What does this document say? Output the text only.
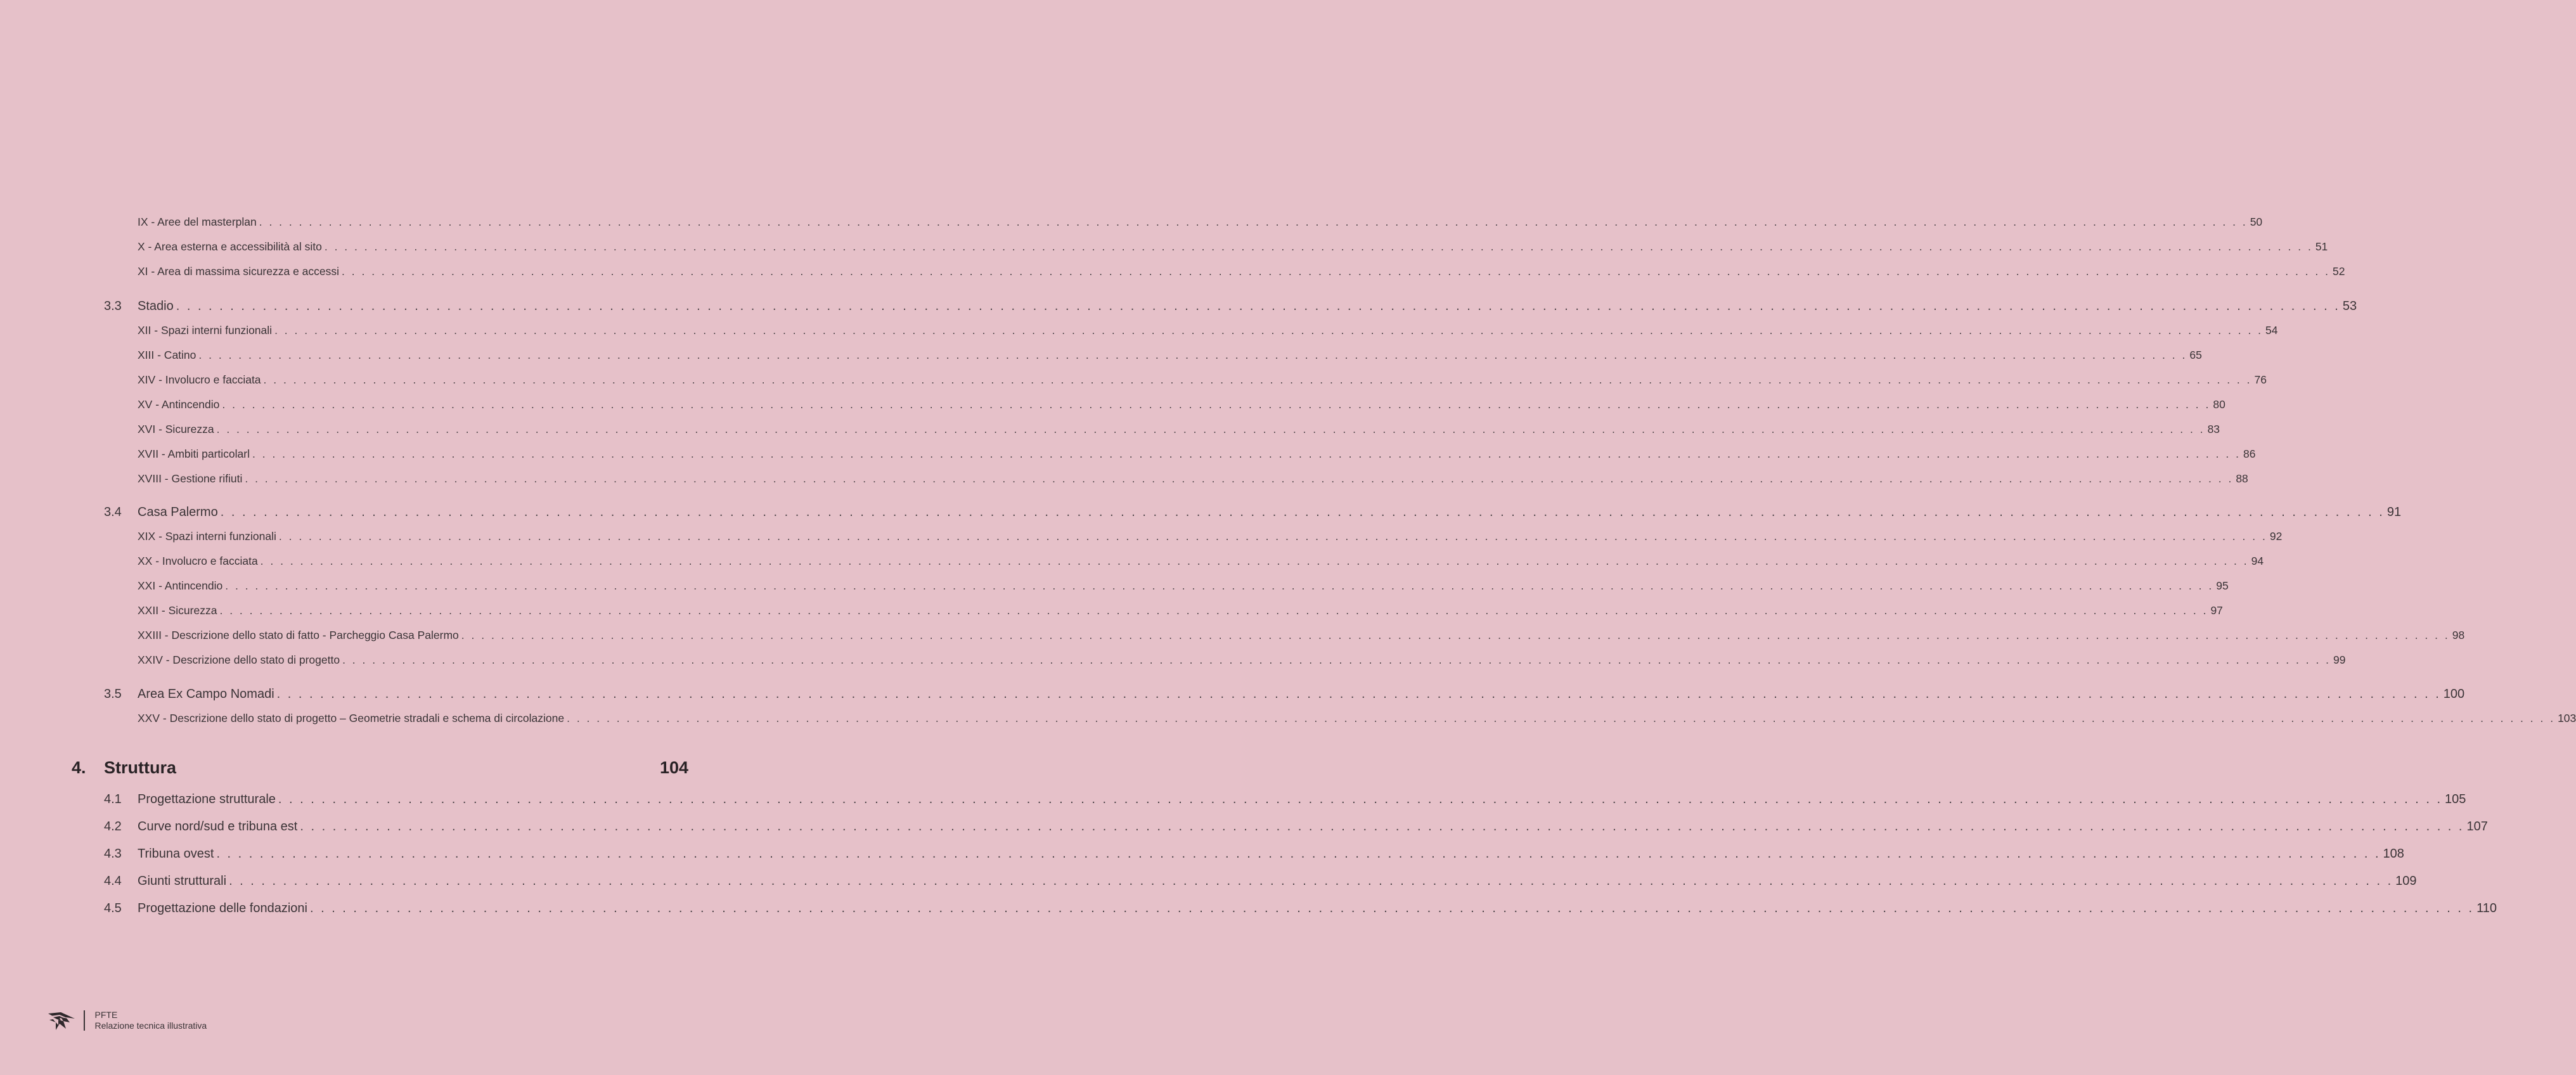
IX - Aree del masterplan . . . . . . . . . . . . . . . . . . . . . . . . . . . . . . . . . . . . . . . . . . . . . . . . . . . . . . . . . . . . . . . . . . . . . . . . . . . . . . . . . . . . . . . . . . . . . . . . . . . . . . . . . . . . . . . . . . . . . . . . . . . . . . . . . . . . . . . . . . . . . . . . . . . . . . . . . . . . . . . . . . . . . . . . . . . . . . . . . . . . . . . . . . . . . . . . . . . . . . . . 50
X - Area esterna e accessibilità al sito . . . . . . . . . . . . . . . . . . . . . . . . . . . . . . . . . . . . . . . . . . . . . . . . . . . . . . . . . . . . . . . . . . . . . . . . . . . . . . . . . . . . . . . . . . . . . . . . . . . . . . . . . . . . . . . . . . . . . . . . . . . . . . . . . . . . . . . . . . . . . . . . . . . . . . . . . . . . . . . . . . . . . . . . . . . . . . . . . . . . . . . . . . . . . . . . . . . . . . . . 51
XI - Area di massima sicurezza e accessi . . . . . . . . . . . . . . . . . . . . . . . . . . . . . . . . . . . . . . . . . . . . . . . . . . . . . . . . . . . . . . . . . . . . . . . . . . . . . . . . . . . . . . . . . . . . . . . . . . . . . . . . . . . . . . . . . . . . . . . . . . . . . . . . . . . . . . . . . . . . . . . . . . . . . . . . . . . . . . . . . . . . . . . . . . . . . . . . . . . . . . . . . . . . . . . . . . . . . . . . 52
3.3 Stadio . . . . . . . . . . . . . . . . . . . . . . . . . . . . . . . . . . . . . . . . . . . . . . . . . . . . . . . . . . . . . . . . . . . . . . . . . . . . . . . . . . . . . . . . . . . . . . . . . . . . . . . . . . . . . . . . . . . . . . . . . . . . . . . . . . . . . . . . . . . . . . . . . . . . . . . . . . . . . . . . . . . . . . . . . . . . . . . . . . . . . . . . . . . . . . . . . . . . . . . . 53
XII - Spazi interni funzionali . . . . . . . . . . . . . . . . . . . . . . . . . . . . . . . . . . . . . . . . . . . . . . . . . . . . . . . . . . . . . . . . . . . . . . . . . . . . . . . . . . . . . . . . . . . . . . . . . . . . . . . . . . . . . . . . . . . . . . . . . . . . . . . . . . . . . . . . . . . . . . . . . . . . . . . . . . . . . . . . . . . . . . . . . . . . . . . . . . . . . . . . . . . . . . . . . . . . . . . . 54
XIII - Catino . . . . . . . . . . . . . . . . . . . . . . . . . . . . . . . . . . . . . . . . . . . . . . . . . . . . . . . . . . . . . . . . . . . . . . . . . . . . . . . . . . . . . . . . . . . . . . . . . . . . . . . . . . . . . . . . . . . . . . . . . . . . . . . . . . . . . . . . . . . . . . . . . . . . . . . . . . . . . . . . . . . . . . . . . . . . . . . . . . . . . . . . . . . . . . . . . . . . . . . . 65
XIV - Involucro e facciata . . . . . . . . . . . . . . . . . . . . . . . . . . . . . . . . . . . . . . . . . . . . . . . . . . . . . . . . . . . . . . . . . . . . . . . . . . . . . . . . . . . . . . . . . . . . . . . . . . . . . . . . . . . . . . . . . . . . . . . . . . . . . . . . . . . . . . . . . . . . . . . . . . . . . . . . . . . . . . . . . . . . . . . . . . . . . . . . . . . . . . . . . . . . . . . . . . . . . . . . 76
XV - Antincendio . . . . . . . . . . . . . . . . . . . . . . . . . . . . . . . . . . . . . . . . . . . . . . . . . . . . . . . . . . . . . . . . . . . . . . . . . . . . . . . . . . . . . . . . . . . . . . . . . . . . . . . . . . . . . . . . . . . . . . . . . . . . . . . . . . . . . . . . . . . . . . . . . . . . . . . . . . . . . . . . . . . . . . . . . . . . . . . . . . . . . . . . . . . . . . . . . . . . . . . . 80
XVI - Sicurezza . . . . . . . . . . . . . . . . . . . . . . . . . . . . . . . . . . . . . . . . . . . . . . . . . . . . . . . . . . . . . . . . . . . . . . . . . . . . . . . . . . . . . . . . . . . . . . . . . . . . . . . . . . . . . . . . . . . . . . . . . . . . . . . . . . . . . . . . . . . . . . . . . . . . . . . . . . . . . . . . . . . . . . . . . . . . . . . . . . . . . . . . . . . . . . . . . . . . . . . . 83
XVII - Ambiti particolarl . . . . . . . . . . . . . . . . . . . . . . . . . . . . . . . . . . . . . . . . . . . . . . . . . . . . . . . . . . . . . . . . . . . . . . . . . . . . . . . . . . . . . . . . . . . . . . . . . . . . . . . . . . . . . . . . . . . . . . . . . . . . . . . . . . . . . . . . . . . . . . . . . . . . . . . . . . . . . . . . . . . . . . . . . . . . . . . . . . . . . . . . . . . . . . . . . . . . . . . . 86
XVIII - Gestione rifiuti . . . . . . . . . . . . . . . . . . . . . . . . . . . . . . . . . . . . . . . . . . . . . . . . . . . . . . . . . . . . . . . . . . . . . . . . . . . . . . . . . . . . . . . . . . . . . . . . . . . . . . . . . . . . . . . . . . . . . . . . . . . . . . . . . . . . . . . . . . . . . . . . . . . . . . . . . . . . . . . . . . . . . . . . . . . . . . . . . . . . . . . . . . . . . . . . . . . . . . . . 88
3.4 Casa Palermo . . . . . . . . . . . . . . . . . . . . . . . . . . . . . . . . . . . . . . . . . . . . . . . . . . . . . . . . . . . . . . . . . . . . . . . . . . . . . . . . . . . . . . . . . . . . . . . . . . . . . . . . . . . . . . . . . . . . . . . . . . . . . . . . . . . . . . . . . . . . . . . . . . . . . . . . . . . . . . . . . . . . . . . . . . . . . . . . . . . . . . . . . . . . . . . . . . . . . . . . 91
XIX - Spazi interni funzionali . . . . . . . . . . . . . . . . . . . . . . . . . . . . . . . . . . . . . . . . . . . . . . . . . . . . . . . . . . . . . . . . . . . . . . . . . . . . . . . . . . . . . . . . . . . . . . . . . . . . . . . . . . . . . . . . . . . . . . . . . . . . . . . . . . . . . . . . . . . . . . . . . . . . . . . . . . . . . . . . . . . . . . . . . . . . . . . . . . . . . . . . . . . . . . . . . . . . . . . . 92
XX - Involucro e facciata . . . . . . . . . . . . . . . . . . . . . . . . . . . . . . . . . . . . . . . . . . . . . . . . . . . . . . . . . . . . . . . . . . . . . . . . . . . . . . . . . . . . . . . . . . . . . . . . . . . . . . . . . . . . . . . . . . . . . . . . . . . . . . . . . . . . . . . . . . . . . . . . . . . . . . . . . . . . . . . . . . . . . . . . . . . . . . . . . . . . . . . . . . . . . . . . . . . . . . . . 94
XXI - Antincendio . . . . . . . . . . . . . . . . . . . . . . . . . . . . . . . . . . . . . . . . . . . . . . . . . . . . . . . . . . . . . . . . . . . . . . . . . . . . . . . . . . . . . . . . . . . . . . . . . . . . . . . . . . . . . . . . . . . . . . . . . . . . . . . . . . . . . . . . . . . . . . . . . . . . . . . . . . . . . . . . . . . . . . . . . . . . . . . . . . . . . . . . . . . . . . . . . . . . . . . . 95
XXII - Sicurezza . . . . . . . . . . . . . . . . . . . . . . . . . . . . . . . . . . . . . . . . . . . . . . . . . . . . . . . . . . . . . . . . . . . . . . . . . . . . . . . . . . . . . . . . . . . . . . . . . . . . . . . . . . . . . . . . . . . . . . . . . . . . . . . . . . . . . . . . . . . . . . . . . . . . . . . . . . . . . . . . . . . . . . . . . . . . . . . . . . . . . . . . . . . . . . . . . . . . . . . . 97
XXIII - Descrizione dello stato di fatto - Parcheggio Casa Palermo . . . . . . . . . . . . . . . . . . . . . . . . . . . . . . . . . . . . . . . . . . . . . . . . . . . . . . . . . . . . . . . . . . . . . . . . . . . . . . . . . . . . . . . . . . . . . . . . . . . . . . . . . . . . . . . . . . . . . . . . . . . . . . . . . . . . . . . . . . . . . . . . . . . . . . . . . . . . . . . . . . . . . . . . . . . . . . . . . . . . . . . . . . . . . . . . . . . . . . . . 98
XXIV - Descrizione dello stato di progetto . . . . . . . . . . . . . . . . . . . . . . . . . . . . . . . . . . . . . . . . . . . . . . . . . . . . . . . . . . . . . . . . . . . . . . . . . . . . . . . . . . . . . . . . . . . . . . . . . . . . . . . . . . . . . . . . . . . . . . . . . . . . . . . . . . . . . . . . . . . . . . . . . . . . . . . . . . . . . . . . . . . . . . . . . . . . . . . . . . . . . . . . . . . . . . . . . . . . . . . . 99
3.5 Area Ex Campo Nomadi . . . . . . . . . . . . . . . . . . . . . . . . . . . . . . . . . . . . . . . . . . . . . . . . . . . . . . . . . . . . . . . . . . . . . . . . . . . . . . . . . . . . . . . . . . . . . . . . . . . . . . . . . . . . . . . . . . . . . . . . . . . . . . . . . . . . . . . . . . . . . . . . . . . . . . . . . . . . . . . . . . . . . . . . . . . . . . . . . . . . . . . . . . . . . . . . . . . . . . . . 100
XXV - Descrizione dello stato di progetto – Geometrie stradali e schema di circolazione . . . . . . . . . . . . . . . . . . . . . . . . . . . . . . . . . . . . . . . . . . . . . . . . . . . . . . . . . . . . . . . . . . . . . . . . . . . . . . . . . . . . . . . . . . . . . . . . . . . . . . . . . . . . . . . . . . . . . . . . . . . . . . . . . . . . . . . . . . . . . . . . . . . . . . . . . . . . . . . . . . . . . . . . . . . . . . . . . . . . . . . . . . . . . . . . . . . . . . . . 103
4. Struttura	104
4.1 Progettazione strutturale . . . . . . . . . . . . . . . . . . . . . . . . . . . . . . . . . . . . . . . . . . . . . . . . . . . . . . . . . . . . . . . . . . . . . . . . . . . . . . . . . . . . . . . . . . . . . . . . . . . . . . . . . . . . . . . . . . . . . . . . . . . . . . . . . . . . . . . . . . . . . . . . . . . . . . . . . . . . . . . . . . . . . . . . . . . . . . . . . . . . . . . . . . . . . . . . . . . . . . . . 105
4.2 Curve nord/sud e tribuna est . . . . . . . . . . . . . . . . . . . . . . . . . . . . . . . . . . . . . . . . . . . . . . . . . . . . . . . . . . . . . . . . . . . . . . . . . . . . . . . . . . . . . . . . . . . . . . . . . . . . . . . . . . . . . . . . . . . . . . . . . . . . . . . . . . . . . . . . . . . . . . . . . . . . . . . . . . . . . . . . . . . . . . . . . . . . . . . . . . . . . . . . . . . . . . . . . . . . . . . . 107
4.3 Tribuna ovest . . . . . . . . . . . . . . . . . . . . . . . . . . . . . . . . . . . . . . . . . . . . . . . . . . . . . . . . . . . . . . . . . . . . . . . . . . . . . . . . . . . . . . . . . . . . . . . . . . . . . . . . . . . . . . . . . . . . . . . . . . . . . . . . . . . . . . . . . . . . . . . . . . . . . . . . . . . . . . . . . . . . . . . . . . . . . . . . . . . . . . . . . . . . . . . . . . . . . . . . 108
4.4 Giunti strutturali . . . . . . . . . . . . . . . . . . . . . . . . . . . . . . . . . . . . . . . . . . . . . . . . . . . . . . . . . . . . . . . . . . . . . . . . . . . . . . . . . . . . . . . . . . . . . . . . . . . . . . . . . . . . . . . . . . . . . . . . . . . . . . . . . . . . . . . . . . . . . . . . . . . . . . . . . . . . . . . . . . . . . . . . . . . . . . . . . . . . . . . . . . . . . . . . . . . . . . . . 109
4.5 Progettazione delle fondazioni . . . . . . . . . . . . . . . . . . . . . . . . . . . . . . . . . . . . . . . . . . . . . . . . . . . . . . . . . . . . . . . . . . . . . . . . . . . . . . . . . . . . . . . . . . . . . . . . . . . . . . . . . . . . . . . . . . . . . . . . . . . . . . . . . . . . . . . . . . . . . . . . . . . . . . . . . . . . . . . . . . . . . . . . . . . . . . . . . . . . . . . . . . . . . . . . . . . . . . . . 110
PFTE
Relazione tecnica illustrativa
